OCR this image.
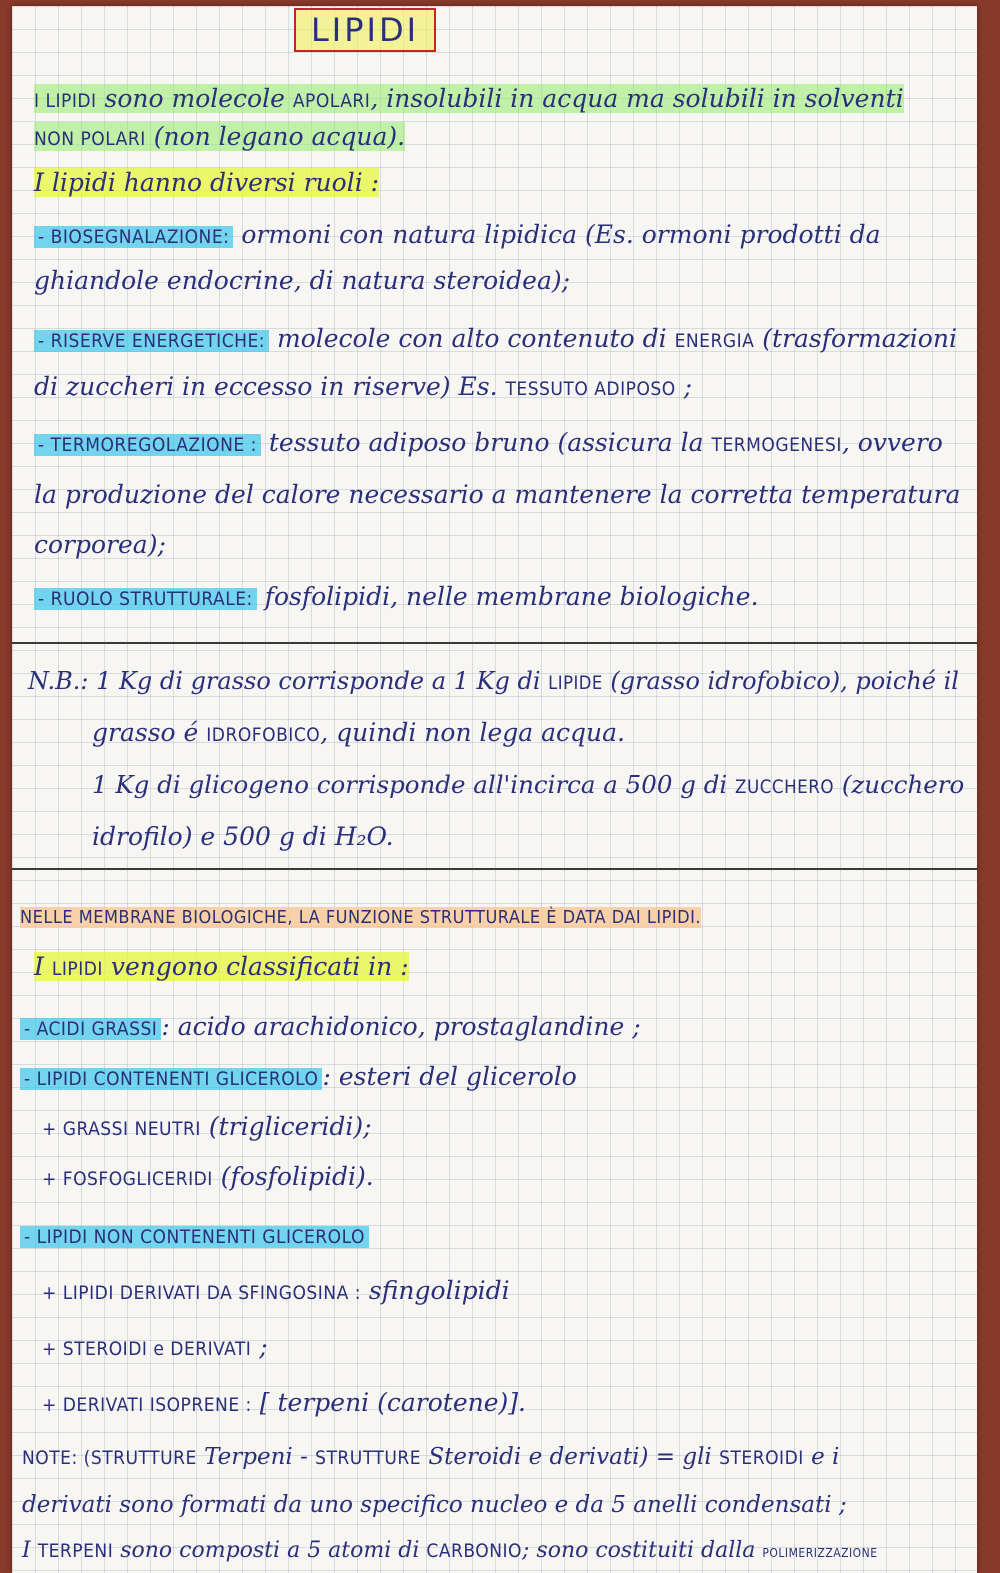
LIPIDI
I LIPIDI sono molecole APOLARI, insolubili in acqua ma solubili in solventi
NON POLARI (non legano acqua).
I lipidi hanno diversi ruoli :
- BIOSEGNALAZIONE: ormoni con natura lipidica (Es. ormoni prodotti da
ghiandole endocrine, di natura steroidea);
- RISERVE ENERGETICHE: molecole con alto contenuto di ENERGIA (trasformazioni
di zuccheri in eccesso in riserve) Es. TESSUTO ADIPOSO ;
- TERMOREGOLAZIONE : tessuto adiposo bruno (assicura la TERMOGENESI, ovvero
la produzione del calore necessario a mantenere la corretta temperatura
corporea);
- RUOLO STRUTTURALE: fosfolipidi, nelle membrane biologiche.
N.B.: 1 Kg di grasso corrisponde a 1 Kg di LIPIDE (grasso idrofobico), poiché il
grasso é IDROFOBICO, quindi non lega acqua.
1 Kg di glicogeno corrisponde all'incirca a 500 g di ZUCCHERO (zucchero
idrofilo) e 500 g di H₂O.
NELLE MEMBRANE BIOLOGICHE, LA FUNZIONE STRUTTURALE È DATA DAI LIPIDI.
I LIPIDI vengono classificati in :
- ACIDI GRASSI : acido arachidonico, prostaglandine ;
- LIPIDI CONTENENTI GLICEROLO : esteri del glicerolo
+ GRASSI NEUTRI (trigliceridi);
+ FOSFOGLICERIDI (fosfolipidi).
- LIPIDI NON CONTENENTI GLICEROLO
+ LIPIDI DERIVATI DA SFINGOSINA : sfingolipidi
+ STEROIDI e DERIVATI ;
+ DERIVATI ISOPRENE : [ terpeni (carotene)].
NOTE: (STRUTTURE Terpeni - STRUTTURE Steroidi e derivati) = gli STEROIDI e i
derivati sono formati da uno specifico nucleo e da 5 anelli condensati ;
I TERPENI sono composti a 5 atomi di CARBONIO; sono costituiti dalla POLIMERIZZAZIONE
